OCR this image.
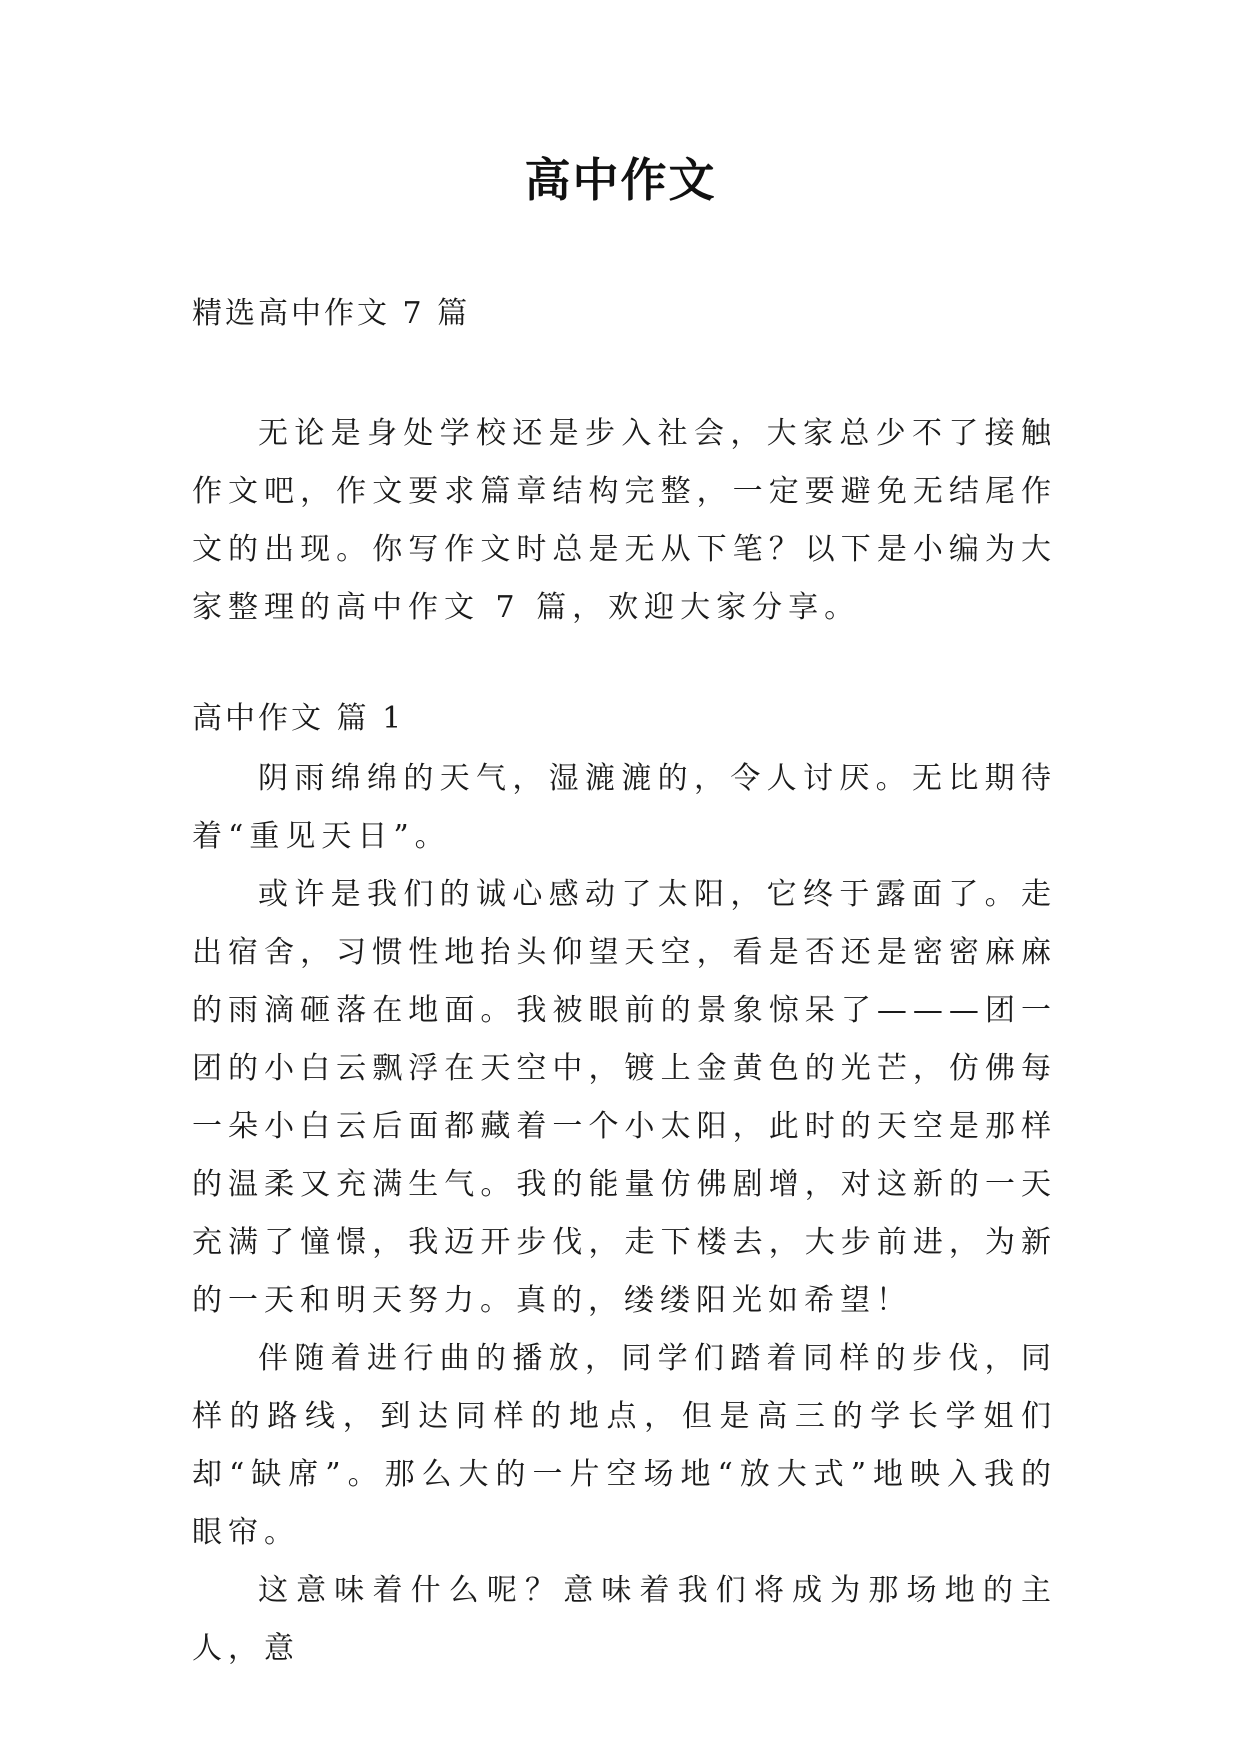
高中作文
精选高中作文 7 篇

无论是身处学校还是步入社会，大家总少不了接触作文吧，作文要求篇章结构完整，一定要避免无结尾作文的出现。你写作文时总是无从下笔？以下是小编为大家整理的高中作文 7 篇，欢迎大家分享。

高中作文 篇 1

阴雨绵绵的天气，湿漉漉的，令人讨厌。无比期待着“重见天日”。

或许是我们的诚心感动了太阳，它终于露面了。走出宿舍，习惯性地抬头仰望天空，看是否还是密密麻麻的雨滴砸落在地面。我被眼前的景象惊呆了———团一团的小白云飘浮在天空中，镀上金黄色的光芒，仿佛每一朵小白云后面都藏着一个小太阳，此时的天空是那样的温柔又充满生气。我的能量仿佛剧增，对这新的一天充满了憧憬，我迈开步伐，走下楼去，大步前进，为新的一天和明天努力。真的，缕缕阳光如希望！

伴随着进行曲的播放，同学们踏着同样的步伐，同样的路线，到达同样的地点，但是高三的学长学姐们却“缺席”。那么大的一片空场地“放大式”地映入我的眼帘。

这意味着什么呢？意味着我们将成为那场地的主人，意
